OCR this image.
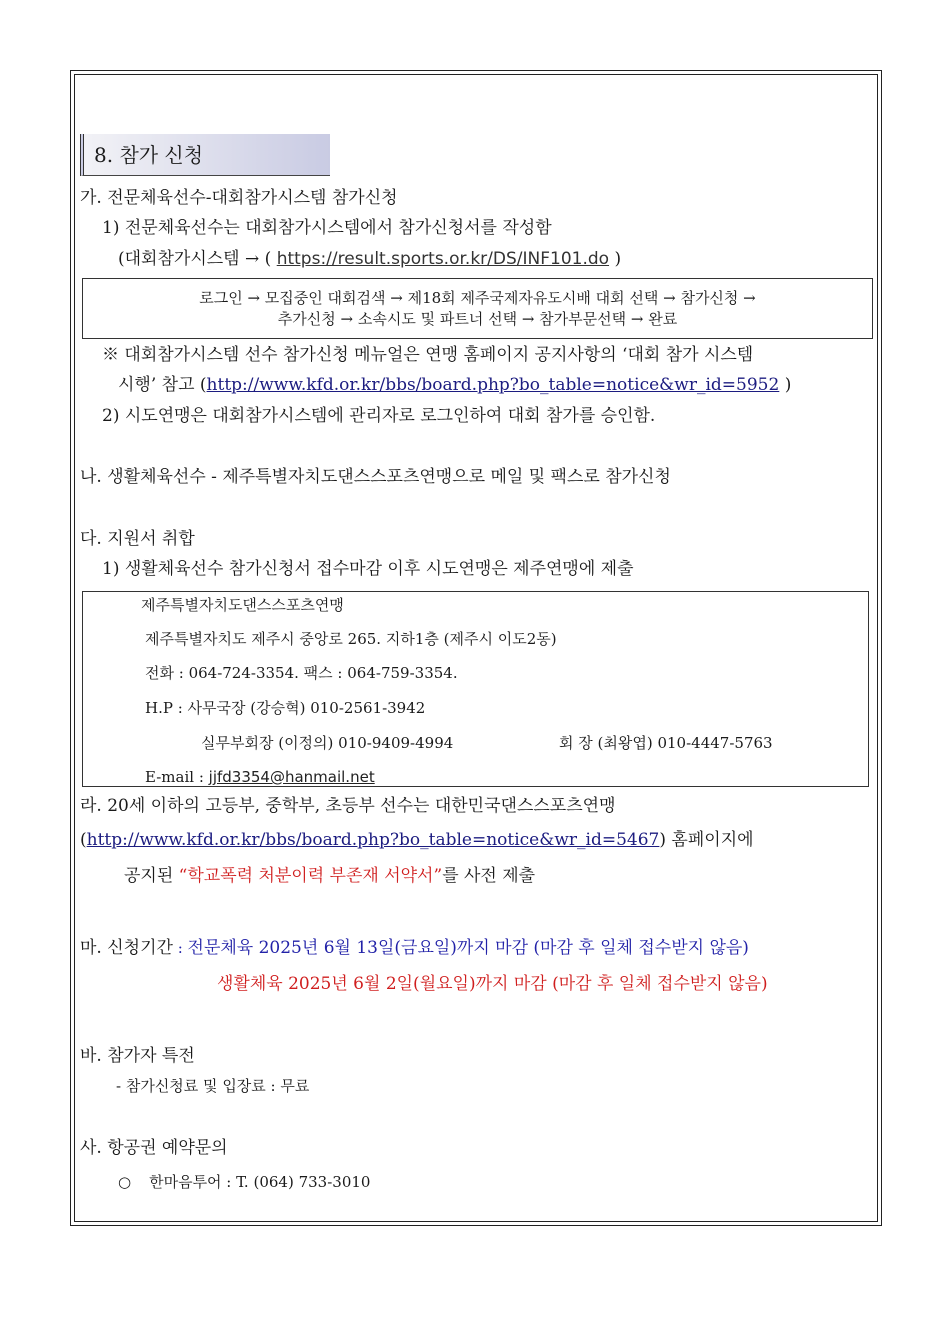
8. 참가 신청
가. 전문체육선수-대회참가시스템 참가신청
1) 전문체육선수는 대회참가시스템에서 참가신청서를 작성함
(대회참가시스템 → ( https://result.sports.or.kr/DS/INF101.do )
로그인 → 모집중인 대회검색 → 제18회 제주국제자유도시배 대회 선택 → 참가신청 →
추가신청 → 소속시도 및 파트너 선택 → 참가부문선택 → 완료
※ 대회참가시스템 선수 참가신청 메뉴얼은 연맹 홈페이지 공지사항의 ‘대회 참가 시스템
시행’ 참고 (http://www.kfd.or.kr/bbs/board.php?bo_table=notice&wr_id=5952 )
2) 시도연맹은 대회참가시스템에 관리자로 로그인하여 대회 참가를 승인함.
나. 생활체육선수 - 제주특별자치도댄스스포츠연맹으로 메일 및 팩스로 참가신청
다. 지원서 취합
1) 생활체육선수 참가신청서 접수마감 이후 시도연맹은 제주연맹에 제출
제주특별자치도댄스스포츠연맹
제주특별자치도 제주시 중앙로 265. 지하1층 (제주시 이도2동)
전화 : 064-724-3354. 팩스 : 064-759-3354.
H.P : 사무국장 (강승혁) 010-2561-3942
실무부회장 (이정의) 010-9409-4994	회 장 (최왕엽) 010-4447-5763
E-mail : jjfd3354@hanmail.net
라. 20세 이하의 고등부, 중학부, 초등부 선수는 대한민국댄스스포츠연맹
(http://www.kfd.or.kr/bbs/board.php?bo_table=notice&wr_id=5467) 홈페이지에
공지된 “학교폭력 처분이력 부존재 서약서”를 사전 제출
마. 신청기간 : 전문체육 2025년 6월 13일(금요일)까지 마감 (마감 후 일체 접수받지 않음)
생활체육 2025년 6월 2일(월요일)까지 마감 (마감 후 일체 접수받지 않음)
바. 참가자 특전
- 참가신청료 및 입장료 : 무료
사. 항공권 예약문의
○ 한마음투어 : T. (064) 733-3010
